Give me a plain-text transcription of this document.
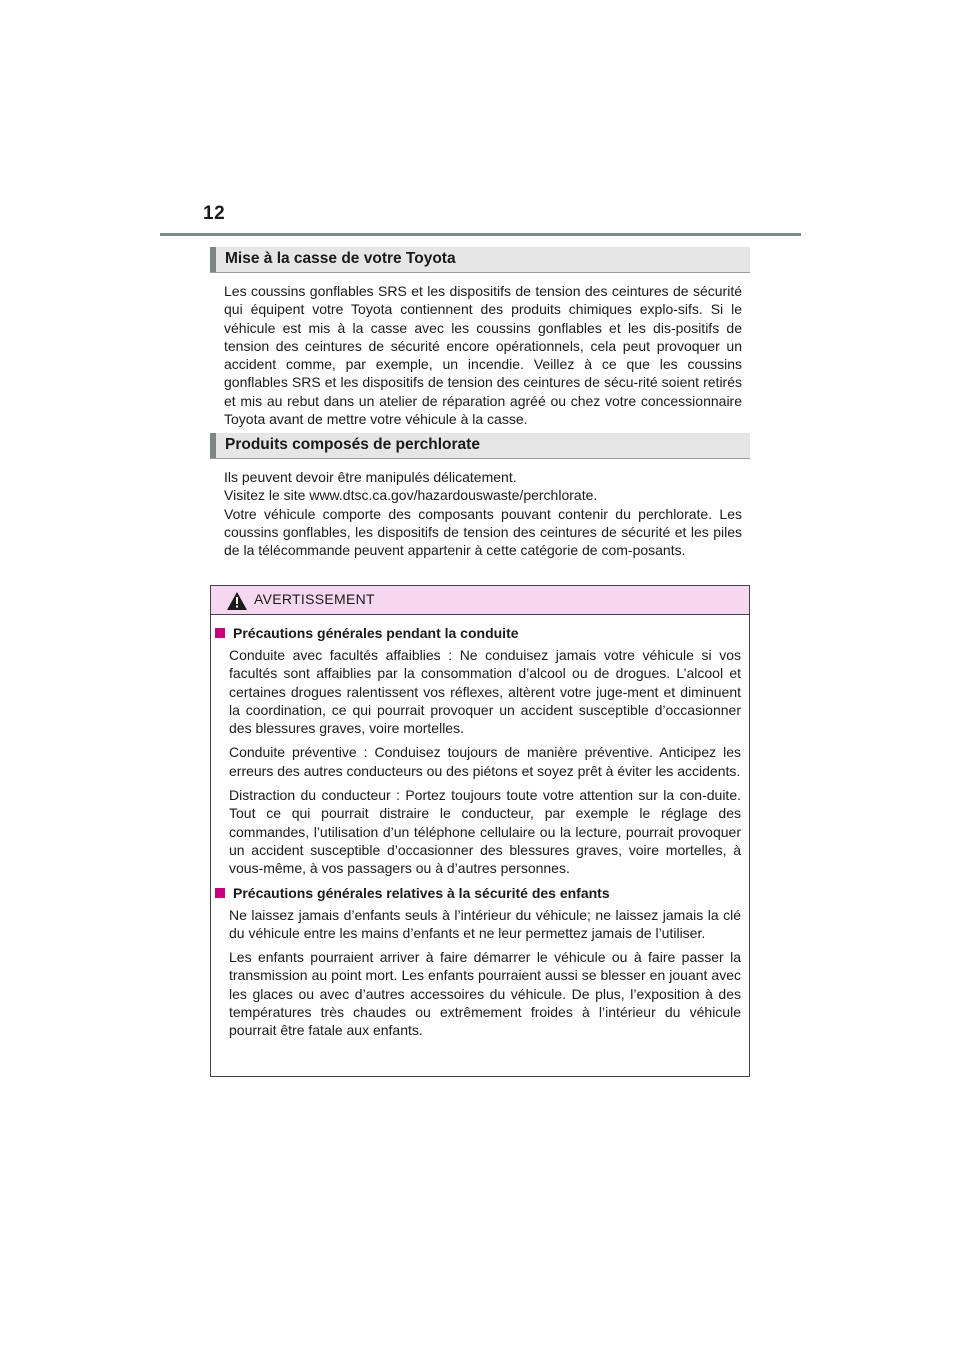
12
Mise à la casse de votre Toyota

Les coussins gonflables SRS et les dispositifs de tension des ceintures de sécurité qui équipent votre Toyota contiennent des produits chimiques explo-sifs. Si le véhicule est mis à la casse avec les coussins gonflables et les dis-positifs de tension des ceintures de sécurité encore opérationnels, cela peut provoquer un accident comme, par exemple, un incendie. Veillez à ce que les coussins gonflables SRS et les dispositifs de tension des ceintures de sécu-rité soient retirés et mis au rebut dans un atelier de réparation agréé ou chez votre concessionnaire Toyota avant de mettre votre véhicule à la casse.

Produits composés de perchlorate
Ils peuvent devoir être manipulés délicatement.
Visitez le site www.dtsc.ca.gov/hazardouswaste/perchlorate.
Votre véhicule comporte des composants pouvant contenir du perchlorate. Les coussins gonflables, les dispositifs de tension des ceintures de sécurité et les piles de la télécommande peuvent appartenir à cette catégorie de com-posants.
AVERTISSEMENT
Précautions générales pendant la conduite

Conduite avec facultés affaiblies : Ne conduisez jamais votre véhicule si vos facultés sont affaiblies par la consommation d’alcool ou de drogues. L’alcool et certaines drogues ralentissent vos réflexes, altèrent votre juge-ment et diminuent la coordination, ce qui pourrait provoquer un accident susceptible d’occasionner des blessures graves, voire mortelles.

Conduite préventive : Conduisez toujours de manière préventive. Anticipez les erreurs des autres conducteurs ou des piétons et soyez prêt à éviter les accidents.

Distraction du conducteur : Portez toujours toute votre attention sur la con-duite. Tout ce qui pourrait distraire le conducteur, par exemple le réglage des commandes, l’utilisation d’un téléphone cellulaire ou la lecture, pourrait provoquer un accident susceptible d’occasionner des blessures graves, voire mortelles, à vous-même, à vos passagers ou à d’autres personnes.

Précautions générales relatives à la sécurité des enfants

Ne laissez jamais d’enfants seuls à l’intérieur du véhicule; ne laissez jamais la clé du véhicule entre les mains d’enfants et ne leur permettez jamais de l’utiliser.

Les enfants pourraient arriver à faire démarrer le véhicule ou à faire passer la transmission au point mort. Les enfants pourraient aussi se blesser en jouant avec les glaces ou avec d’autres accessoires du véhicule. De plus, l’exposition à des températures très chaudes ou extrêmement froides à l’intérieur du véhicule pourrait être fatale aux enfants.
